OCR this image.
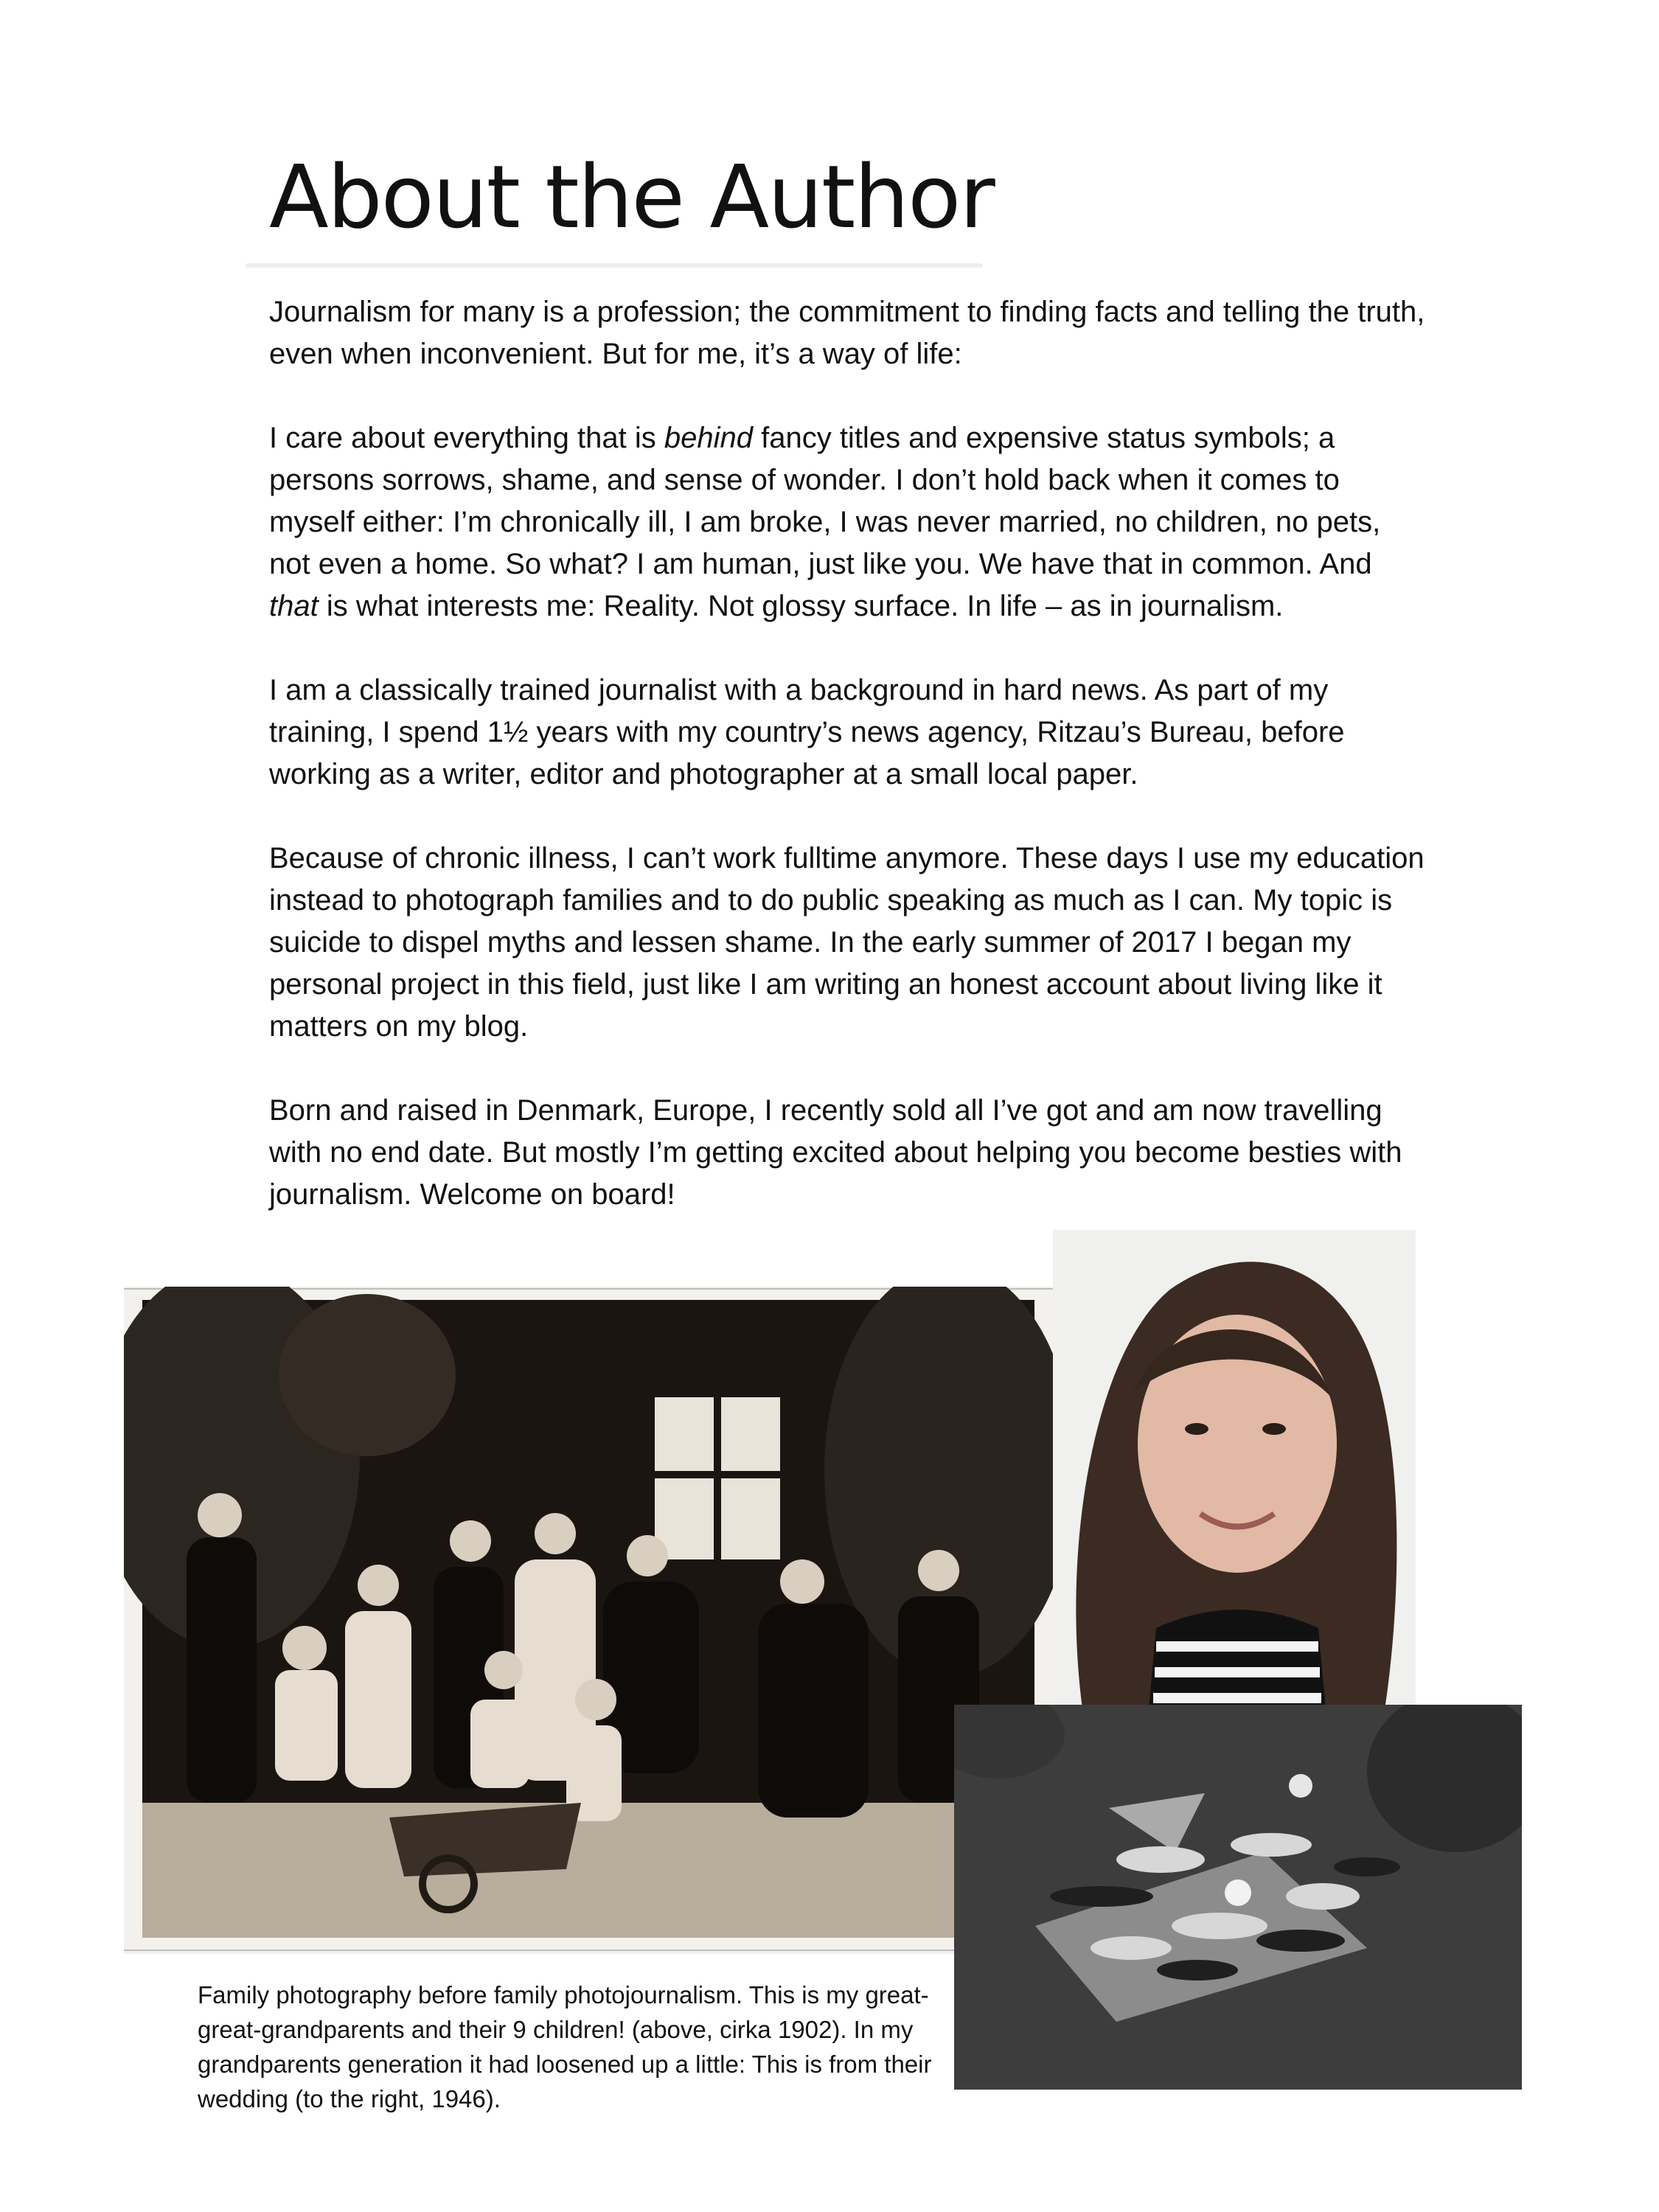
About the Author

Journalism for many is a profession; the commitment to finding facts and telling the truth, even when inconvenient. But for me, it’s a way of life:

I care about everything that is behind fancy titles and expensive status symbols; a persons sorrows, shame, and sense of wonder. I don’t hold back when it comes to myself either: I’m chronically ill, I am broke, I was never married, no children, no pets, not even a home. So what? I am human, just like you. We have that in common. And that is what interests me: Reality. Not glossy surface. In life – as in journalism.

I am a classically trained journalist with a background in hard news. As part of my training, I spend 1½ years with my country’s news agency, Ritzau’s Bureau, before working as a writer, editor and photographer at a small local paper.

Because of chronic illness, I can’t work fulltime anymore. These days I use my education instead to photograph families and to do public speaking as much as I can. My topic is suicide to dispel myths and lessen shame. In the early summer of 2017 I began my personal project in this field, just like I am writing an honest account about living like it matters on my blog.

Born and raised in Denmark, Europe, I recently sold all I’ve got and am now travelling with no end date. But mostly I’m getting excited about helping you become besties with journalism. Welcome on board!

Family photography before family photojournalism. This is my great-great-grandparents and their 9 children! (above, cirka 1902). In my grandparents generation it had loosened up a little: This is from their wedding (to the right, 1946).
